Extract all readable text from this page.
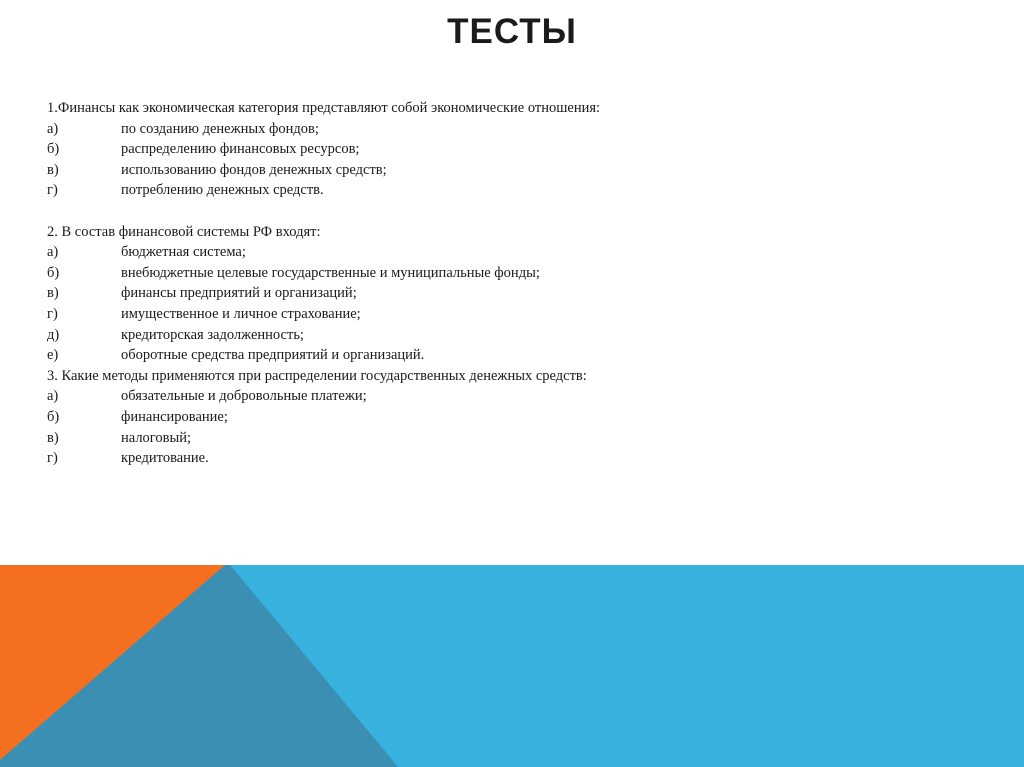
ТЕСТЫ
1.Финансы как экономическая категория представляют собой экономические отношения:
а)	по созданию денежных фондов;
б)	распределению финансовых ресурсов;
в)	использованию фондов денежных средств;
г)	потреблению денежных средств.
2. В состав финансовой системы РФ входят:
а)	бюджетная система;
б)	внебюджетные целевые государственные и муниципальные фонды;
в)	финансы предприятий и организаций;
г)	имущественное и личное страхование;
д)	кредиторская задолженность;
е)	оборотные средства предприятий и организаций.
3. Какие методы применяются при распределении государственных денежных средств:
а)	обязательные и добровольные платежи;
б)	финансирование;
в)	налоговый;
г)	кредитование.
